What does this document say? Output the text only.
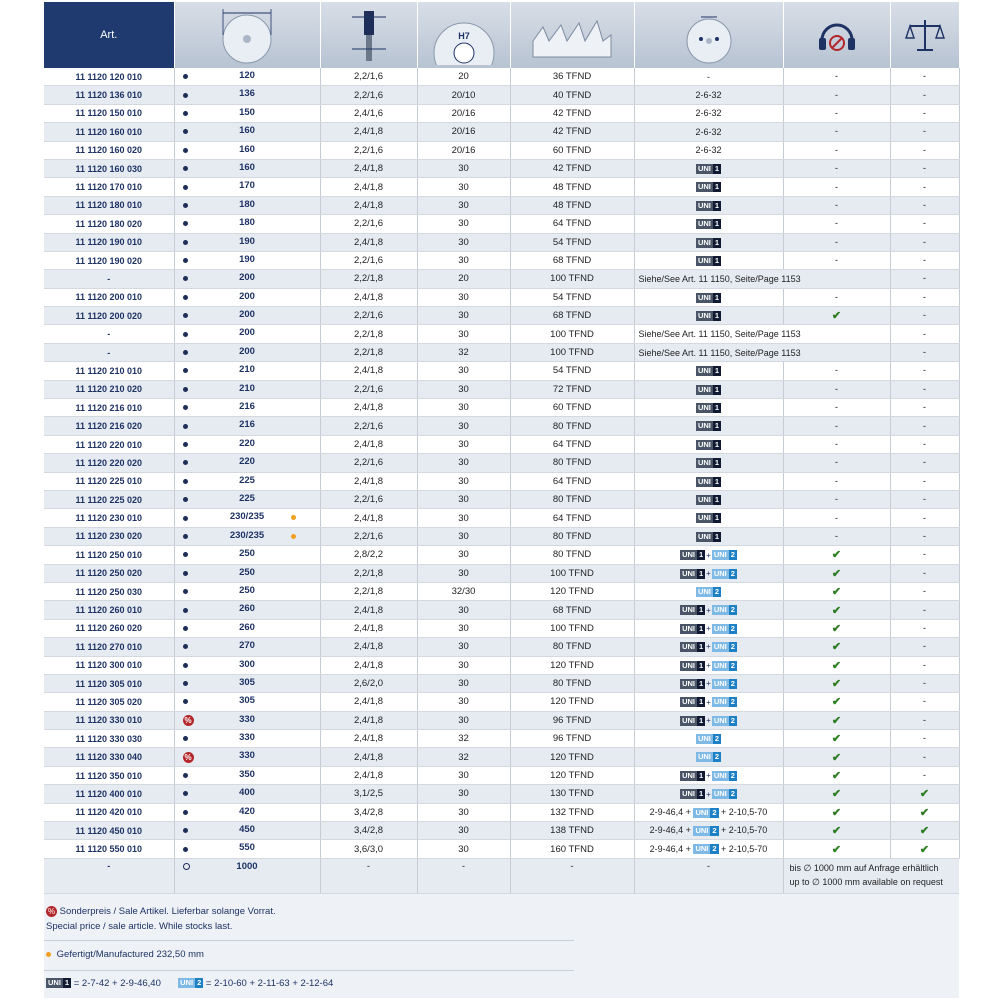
Art.			H7

11 1120 120 010	120	2,2/1,6	20	36 TFND	-	-	-
11 1120 136 010	136	2,2/1,6	20/10	40 TFND	2-6-32	-	-
11 1120 150 010	150	2,4/1,6	20/16	42 TFND	2-6-32	-	-
11 1120 160 010	160	2,4/1,8	20/16	42 TFND	2-6-32	-	-
11 1120 160 020	160	2,2/1,6	20/16	60 TFND	2-6-32	-	-
11 1120 160 030	160	2,4/1,8	30	42 TFND	UNI 1	-	-
11 1120 170 010	170	2,4/1,8	30	48 TFND	UNI 1	-	-
11 1120 180 010	180	2,4/1,8	30	48 TFND	UNI 1	-	-
11 1120 180 020	180	2,2/1,6	30	64 TFND	UNI 1	-	-
11 1120 190 010	190	2,4/1,8	30	54 TFND	UNI 1	-	-
11 1120 190 020	190	2,2/1,6	30	68 TFND	UNI 1	-	-
-	200	2,2/1,8	20	100 TFND	Siehe/See Art. 11 1150, Seite/Page 1153		-
11 1120 200 010	200	2,4/1,8	30	54 TFND	UNI 1	-	-
11 1120 200 020	200	2,2/1,6	30	68 TFND	UNI 1	✔	-
-	200	2,2/1,8	30	100 TFND	Siehe/See Art. 11 1150, Seite/Page 1153		-
-	200	2,2/1,8	32	100 TFND	Siehe/See Art. 11 1150, Seite/Page 1153		-
11 1120 210 010	210	2,4/1,8	30	54 TFND	UNI 1	-	-
11 1120 210 020	210	2,2/1,6	30	72 TFND	UNI 1	-	-
11 1120 216 010	216	2,4/1,8	30	60 TFND	UNI 1	-	-
11 1120 216 020	216	2,2/1,6	30	80 TFND	UNI 1	-	-
11 1120 220 010	220	2,4/1,8	30	64 TFND	UNI 1	-	-
11 1120 220 020	220	2,2/1,6	30	80 TFND	UNI 1	-	-
11 1120 225 010	225	2,4/1,8	30	64 TFND	UNI 1	-	-
11 1120 225 020	225	2,2/1,6	30	80 TFND	UNI 1	-	-
11 1120 230 010	230/235	2,4/1,8	30	64 TFND	UNI 1	-	-
11 1120 230 020	230/235	2,2/1,6	30	80 TFND	UNI 1	-	-
11 1120 250 010	250	2,8/2,2	30	80 TFND	UNI 1 + UNI 2	✔	-
11 1120 250 020	250	2,2/1,8	30	100 TFND	UNI 1 + UNI 2	✔	-
11 1120 250 030	250	2,2/1,8	32/30	120 TFND	UNI 2	✔	-
11 1120 260 010	260	2,4/1,8	30	68 TFND	UNI 1 + UNI 2	✔	-
11 1120 260 020	260	2,4/1,8	30	100 TFND	UNI 1 + UNI 2	✔	-
11 1120 270 010	270	2,4/1,8	30	80 TFND	UNI 1 + UNI 2	✔	-
11 1120 300 010	300	2,4/1,8	30	120 TFND	UNI 1 + UNI 2	✔	-
11 1120 305 010	305	2,6/2,0	30	80 TFND	UNI 1 + UNI 2	✔	-
11 1120 305 020	305	2,4/1,8	30	120 TFND	UNI 1 + UNI 2	✔	-
11 1120 330 010	% 330	2,4/1,8	30	96 TFND	UNI 1 + UNI 2	✔	-
11 1120 330 030	330	2,4/1,8	32	96 TFND	UNI 2	✔	-
11 1120 330 040	% 330	2,4/1,8	32	120 TFND	UNI 2	✔	-
11 1120 350 010	350	2,4/1,8	30	120 TFND	UNI 1 + UNI 2	✔	-
11 1120 400 010	400	3,1/2,5	30	130 TFND	UNI 1 + UNI 2	✔	✔
11 1120 420 010	420	3,4/2,8	30	132 TFND	2-9-46,4 + UNI 2 + 2-10,5-70	✔	✔
11 1120 450 010	450	3,4/2,8	30	138 TFND	2-9-46,4 + UNI 2 + 2-10,5-70	✔	✔
11 1120 550 010	550	3,6/3,0	30	160 TFND	2-9-46,4 + UNI 2 + 2-10,5-70	✔	✔
-	1000	-	-	-	-	bis ∅ 1000 mm auf Anfrage erhältlich
up to ∅ 1000 mm available on request	
% Sonderpreis / Sale Artikel. Lieferbar solange Vorrat.
Special price / sale article. While stocks last.
Gefertigt/Manufactured 232,50 mm
UNI 1 = 2-7-42 + 2-9-46,40	UNI 2 = 2-10-60 + 2-11-63 + 2-12-64
